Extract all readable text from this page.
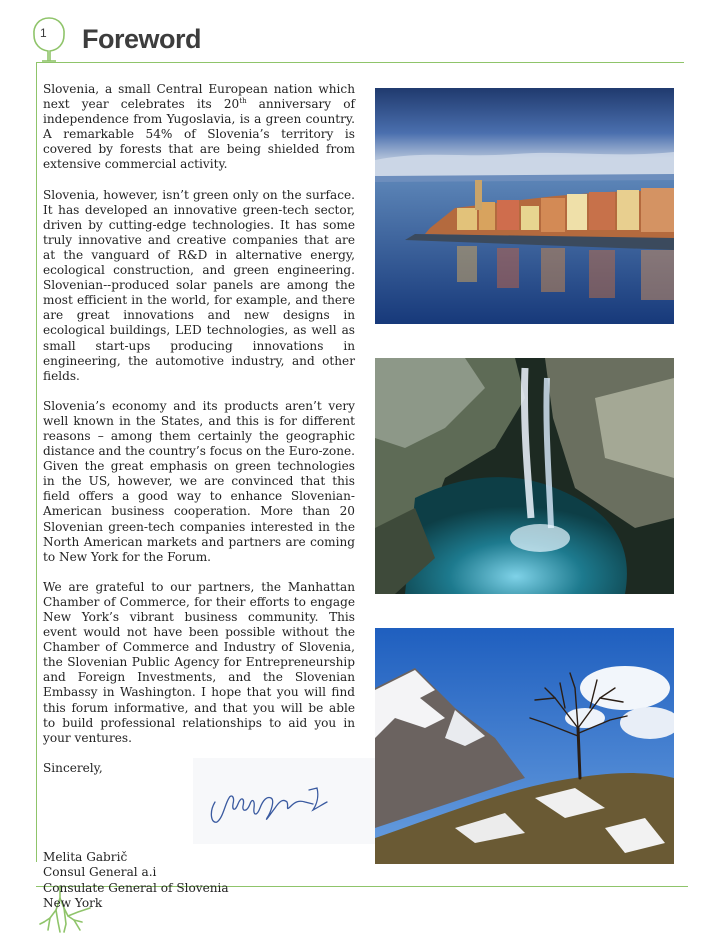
1 Foreword

Slovenia, a small Central European nation which next year celebrates its 20th anniversary of independence from Yugoslavia, is a green country. A remarkable 54% of Slovenia’s territory is covered by forests that are being shielded from extensive commercial activity.

Slovenia, however, isn’t green only on the surface. It has developed an innovative green-tech sector, driven by cutting-edge technologies. It has some truly innovative and creative companies that are at the vanguard of R&D in alternative energy, ecological construction, and green engineering. Slovenian--produced solar panels are among the most efficient in the world, for example, and there are great innovations and new designs in ecological buildings, LED technologies, as well as small start-ups producing innovations in engineering, the automotive industry, and other fields.

Slovenia’s economy and its products aren’t very well known in the States, and this is for different reasons – among them certainly the geographic distance and the country’s focus on the Euro-zone. Given the great emphasis on green technologies in the US, however, we are convinced that this field offers a good way to enhance Slovenian-American business cooperation. More than 20 Slovenian green-tech companies interested in the North American markets and partners are coming to New York for the Forum.

We are grateful to our partners, the Manhattan Chamber of Commerce, for their efforts to engage New York’s vibrant business community. This event would not have been possible without the Chamber of Commerce and Industry of Slovenia, the Slovenian Public Agency for Entrepreneurship and Foreign Investments, and the Slovenian Embassy in Washington. I hope that you will find this forum informative, and that you will be able to build professional relationships to aid you in your ventures.

Sincerely,
Melita Gabrič
Consul General a.i
Consulate General of Slovenia
New York
